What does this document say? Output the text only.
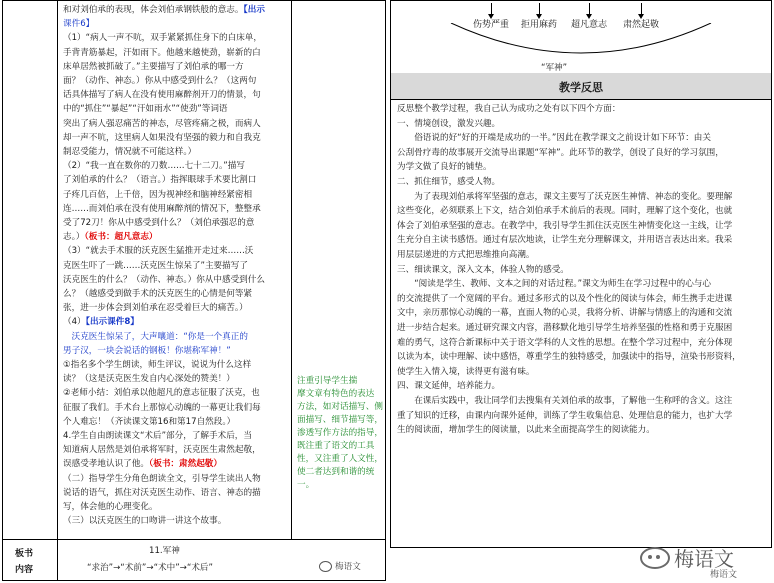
和对刘伯承的表现，体会刘伯承钢铁般的意志。【出示
课件6】
（1）“病人一声不吭，双手紧紧抓住身下的白床单，
手背青筋暴起，汗如雨下。他越来越使劲，崭新的白
床单居然被抓破了。”主要描写了刘伯承的哪一方
面？（动作、神态。）你从中感受到什么？（这两句
话具体描写了病人在没有使用麻醉剂开刀的情景，句
中的“抓住”“暴起”“汗如雨水”“使劲”等词语
突出了病人强忍痛苦的神态，尽管疼痛之极，而病人
却一声不吭，这里病人如果没有坚强的毅力和自我克
制忍受能力，情况就不可能这样。）
（2）“我一直在数你的刀数……七十二刀。”描写
了刘伯承的什么？（语言。）指挥眼球手术要比割口
子疼几百倍，上千倍，因为视神经和脑神经紧密相
连……而刘伯承在没有使用麻醉剂的情况下，整整承
受了72刀！你从中感受到什么？（刘伯承强忍的意
志。）（板书：超凡意志）
（3）“就去手术服的沃克医生猛推开走过来……沃
克医生吓了一跳……沃克医生惊呆了”主要描写了
沃克医生的什么？（动作、神态。）你从中感受到什么
么？（越感受到做手术的沃克医生的心情是何等紧
张，进一步体会到刘伯承在忍受着巨大的痛苦。）
（4）【出示课件8】
　沃克医生惊呆了，大声嚷道：“你是一个真正的
男子汉，一块会说话的钢板！你堪称军神！”
①指名多个学生朗读，师生评议，说说为什么这样
读？（这是沃克医生发自内心深处的赞美！）
②老师小结：刘伯承以他超凡的意志征服了沃克，也
征服了我们。手术台上那惊心动魄的一幕更让我们每
个人难忘！（齐读课文第16和第17自然段。）
4.学生自由朗读课文“术后”部分，了解手术后，当
知道病人居然是刘伯承将军时，沃克医生肃然起敬，
误感受孝地认识了他。（板书：肃然起敬）
（二）指导学生分角色朗读全文，引导学生读出人物
说话的语气，抓住对沃克医生动作、语言、神态的描
写，体会他的心理变化。
（三）以沃克医生的口吻讲一讲这个故事。
注重引导学生揣
摩文章有特色的表达
方法，如对话描写、侧
面描写、细节描写等，
渗透写作方法的指导，
既注重了语文的工具
性，又注重了人文性，
使二者达到和谐的统
一。
板书
内容
11.军神
“求治”→“术前”→“术中”→“术后”	梅语文
“军神”
伤势严重 拒用麻药 超凡意志 肃然起敬
教学反思
反思整个教学过程，我自己认为成功之处有以下四个方面：
一、情境创设，激发兴趣。
　　俗语说的好“好的开端是成功的一半。”因此在教学课文之前设计如下环节：由关
公刮骨疗毒的故事展开交流导出课题“军神”。此环节的教学，创设了良好的学习氛围，
为学文做了良好的铺垫。
二、抓住细节，感受人物。
　　为了表现刘伯承将军坚强的意志，课文主要写了沃克医生神情、神态的变化。要理解
这些变化，必须联系上下文，结合刘伯承手术前后的表现。同时，理解了这个变化，也就
体会了刘伯承坚强的意志。在教学中，我引导学生抓住沃克医生神情变化这一主线，让学
生充分自主读书感悟。通过有层次地读，让学生充分理解课文，并用语言表达出来。我采
用层层递进的方式把思维推向高潮。
三、细读课文，深入文本，体验人物的感受。
　　“阅读是学生、教师、文本之间的对话过程。”课文为师生在学习过程中的心与心
的交流提供了一个宽阔的平台。通过多形式的以及个性化的阅读与体会，师生携手走进课
文中，亲历那惊心动魄的一幕，直面人物的心灵，我将分析、讲解与情感上的沟通和交流
进一步结合起来。通过研究课文内容，潜移默化地引导学生培养坚强的性格和勇于克服困
难的勇气，这符合新课标中关于语文学科的人文性的思想。在整个学习过程中，充分体现
以读为本，读中理解、读中感悟，尊重学生的独特感受，加强读中的指导，渲染书形资料，
使学生入情入境，读得更有滋有味。
四、课文延伸，培养能力。
　　在课后实践中，我让同学们去搜集有关刘伯承的故事，了解他一生称呼的含义。这注
重了知识的迁移，由课内向课外延伸，训练了学生收集信息、处理信息的能力，也扩大学
生的阅读面，增加学生的阅读量，以此来全面提高学生的阅读能力。
梅语文
梅语文
